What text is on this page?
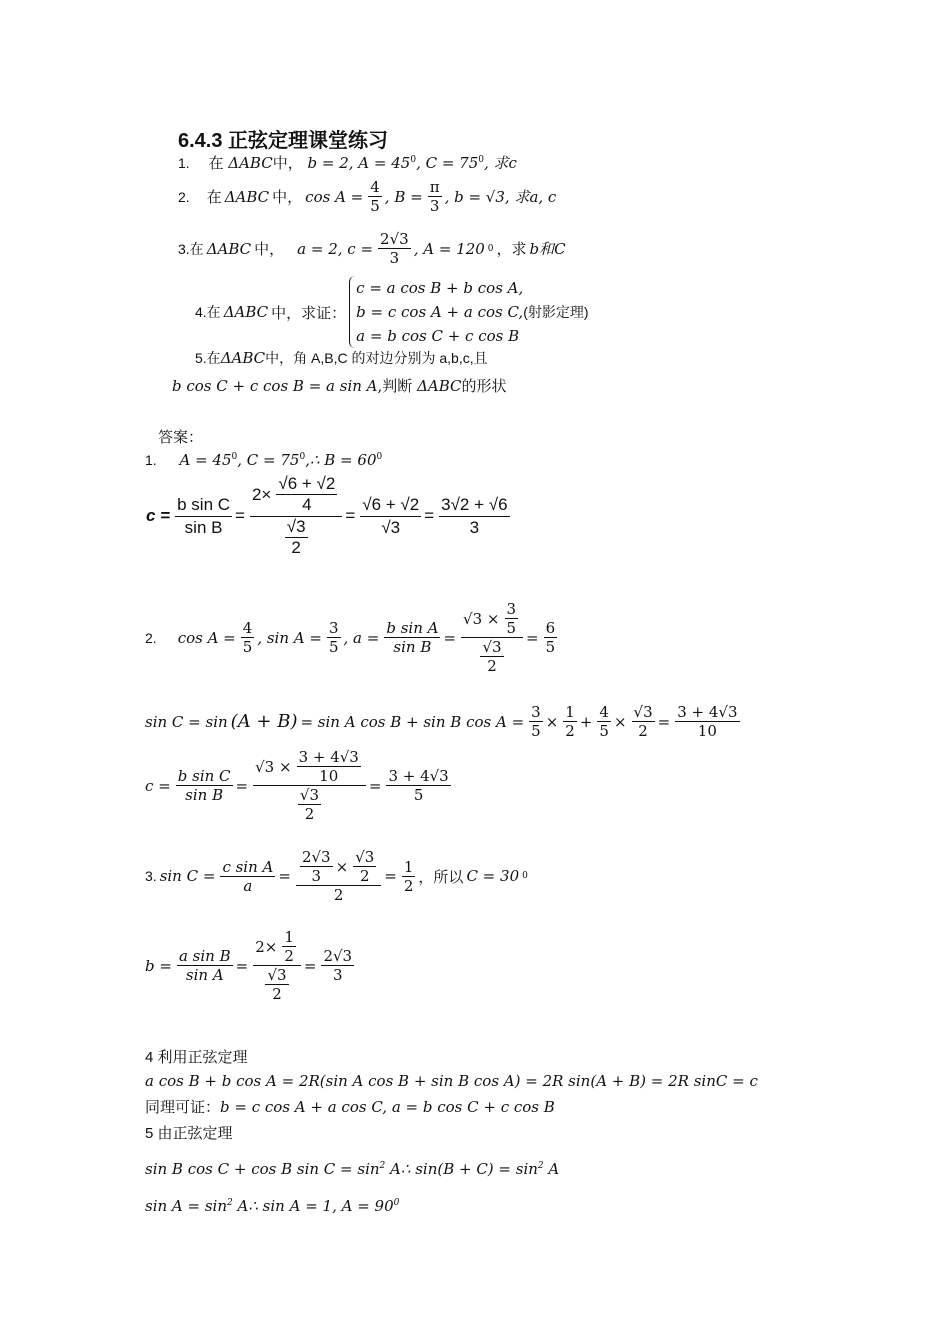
6.4.3 正弦定理课堂练习
1. 在 ΔABC中， b = 2, $A = 45^0$, $C = 75^0$, 求c
2. 在 ΔABC 中， $\cos A = \frac{4}{5}$ , $B = \frac{\pi}{3}$ , b = √3, 求a, c
3.在 ΔABC 中， a = 2, $c = \frac{2√3}{3}$ , A = 120 0 ，求 b和C
4.在 ΔABC 中，求证：
c = a cos B + b cos A,
b = c cos A + a cos C,(射影定理)
a = b cos C + c cos B
5.在ΔABC中，角 A,B,C 的对边分别为 a,b,c,且
b cos C + c cos B = a sin A,判断 ΔABC的形状
答案：
1. $A = 45^0$, $C = 75^0,\therefore$ $B = 60^0$
$c = \frac{\text{b sin C}}{\text{sin B}} = \frac{2\times \frac{√6 + √2}{4}}{\frac{√3}{2}} = \frac{√6 + √2}{√3} = \frac{3√2 + √6}{3}$
2. $\cos A = \frac{4}{5}$ , $\sin A = \frac{3}{5}$ , $a = \frac{\text{b sin A}}{\text{sin B}} = \frac{√3 \times \frac{3}{5}}{\frac{√3}{2}} = \frac{6}{5}$
sin C = sin (A + B) = sin A cos B + sin B $\cos A = \frac{3}{5} \times \frac{1}{2} + \frac{4}{5} \times \frac{√3}{2} = \frac{3 + 4√3}{10}$
$c = \frac{\text{b sin C}}{\text{sin B}} = \frac{√3 \times \frac{3 + 4√3}{10}}{\frac{√3}{2}} = \frac{3 + 4√3}{5}$
3. $\sin C = \frac{\text{c sin A}}{a} = \frac{\frac{2√3}{3} \times \frac{√3}{2}}{2} = \frac{1}{2}$ ，所以 C = 30 0
$b = \frac{\text{a sin B}}{\text{sin A}} = \frac{2\times \frac{1}{2}}{\frac{√3}{2}} = \frac{2√3}{3}$
4 利用正弦定理
a cos B + b cos A = 2R(sin A cos B + sin B cos A) = 2R sin(A + B) = 2R sinC = c
同理可证：b = c cos A + a cos C, a = b cos C + c cos B
5 由正弦定理
sin B cos C + cos B $\sin C = \sin^2$ A∴ $\sin(B + C) = \sin^2 A$
$\sin A = \sin^2$ A∴ sin A = 1, $A = 90^0$
